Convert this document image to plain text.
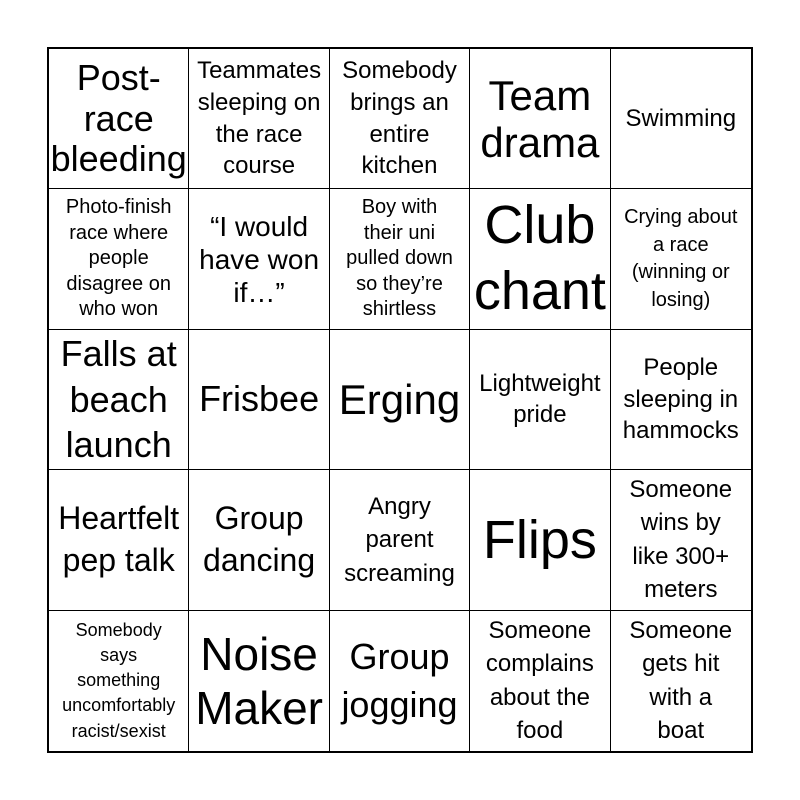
Post-
race
bleeding
Teammates
sleeping on
the race
course
Somebody
brings an
entire
kitchen
Team
drama
Swimming
Photo-finish
race where
people
disagree on
who won
“I would
have won
if…”
Boy with
their uni
pulled down
so they’re
shirtless
Club
chant
Crying about
a race
(winning or
losing)
Falls at
beach
launch
Frisbee Erging Lightweight
pride
People
sleeping in
hammocks
Heartfelt
pep talk
Group
dancing
Angry
parent
screaming
Flips
Someone
wins by
like 300+
meters
Somebody
says
something
uncomfortably
racist/sexist
Noise
Maker
Group
jogging
Someone
complains
about the
food
Someone
gets hit
with a
boat
